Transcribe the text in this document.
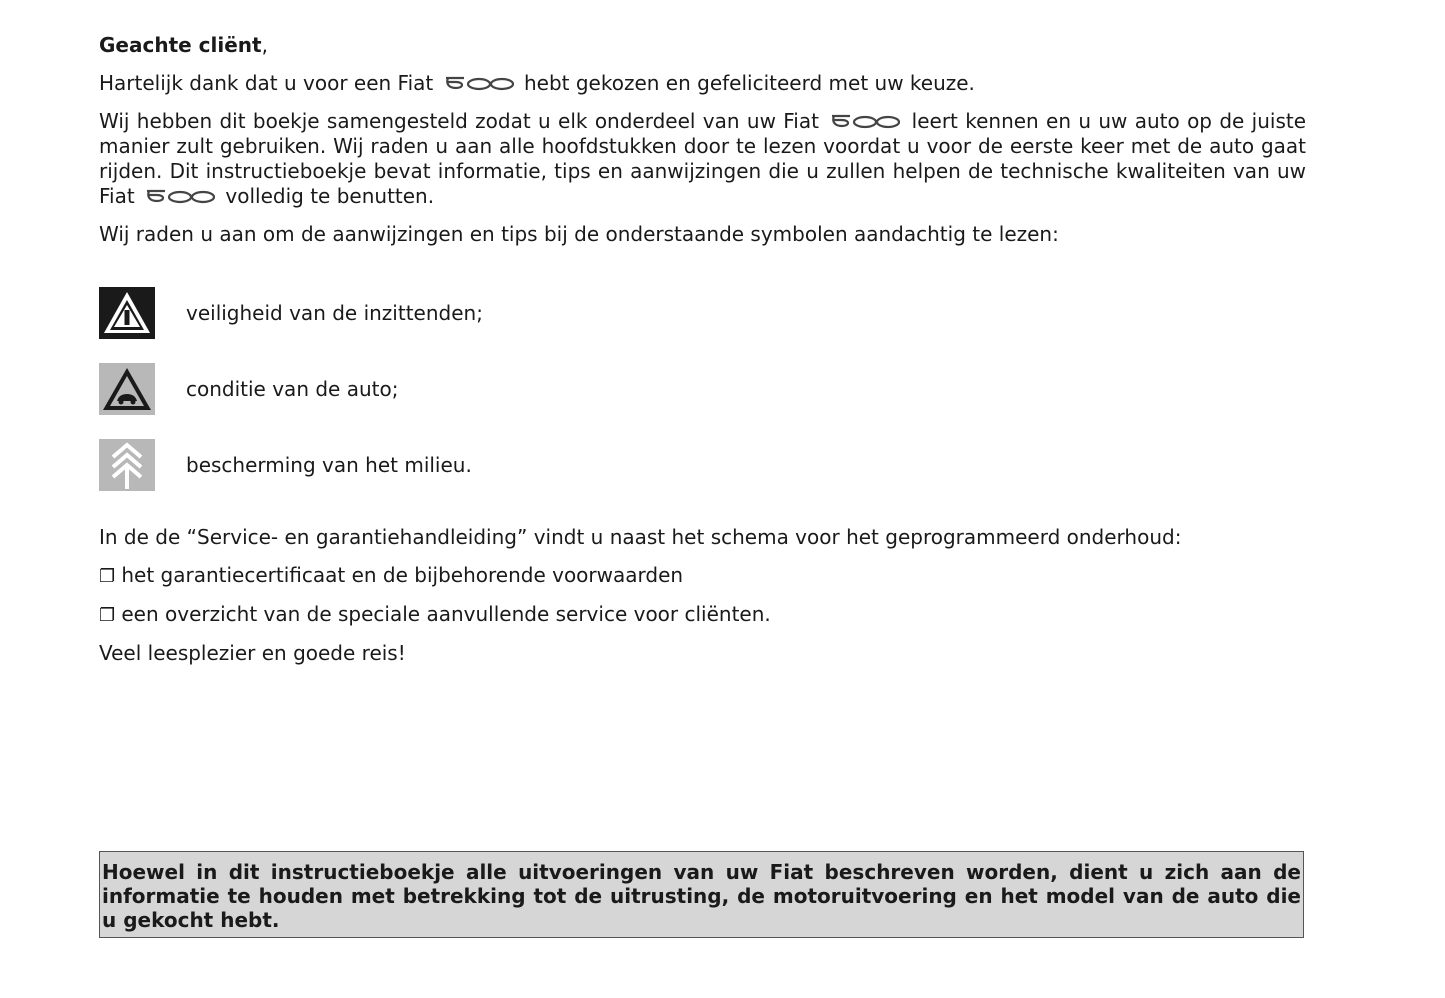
Geachte cliënt,

Hartelijk dank dat u voor een Fiat	hebt gekozen en gefeliciteerd met uw keuze.

Wij hebben dit boekje samengesteld zodat u elk onderdeel van uw Fiat	leert kennen en u uw auto op de juiste manier zult gebruiken. Wij raden u aan alle hoofdstukken door te lezen voordat u voor de eerste keer met de auto gaat rijden. Dit instructieboekje bevat informatie, tips en aanwijzingen die u zullen helpen de technische kwaliteiten van uw Fiat	volledig te benutten.

Wij raden u aan om de aanwijzingen en tips bij de onderstaande symbolen aandachtig te lezen:

veiligheid van de inzittenden;
conditie van de auto;
bescherming van het milieu.

In de de “Service- en garantiehandleiding” vindt u naast het schema voor het geprogrammeerd onderhoud:

❐ het garantiecertificaat en de bijbehorende voorwaarden

❐ een overzicht van de speciale aanvullende service voor cliënten.

Veel leesplezier en goede reis!

Hoewel in dit instructieboekje alle uitvoeringen van uw Fiat beschreven worden, dient u zich aan de informatie te houden met betrekking tot de uitrusting, de motoruitvoering en het model van de auto die u gekocht hebt.
